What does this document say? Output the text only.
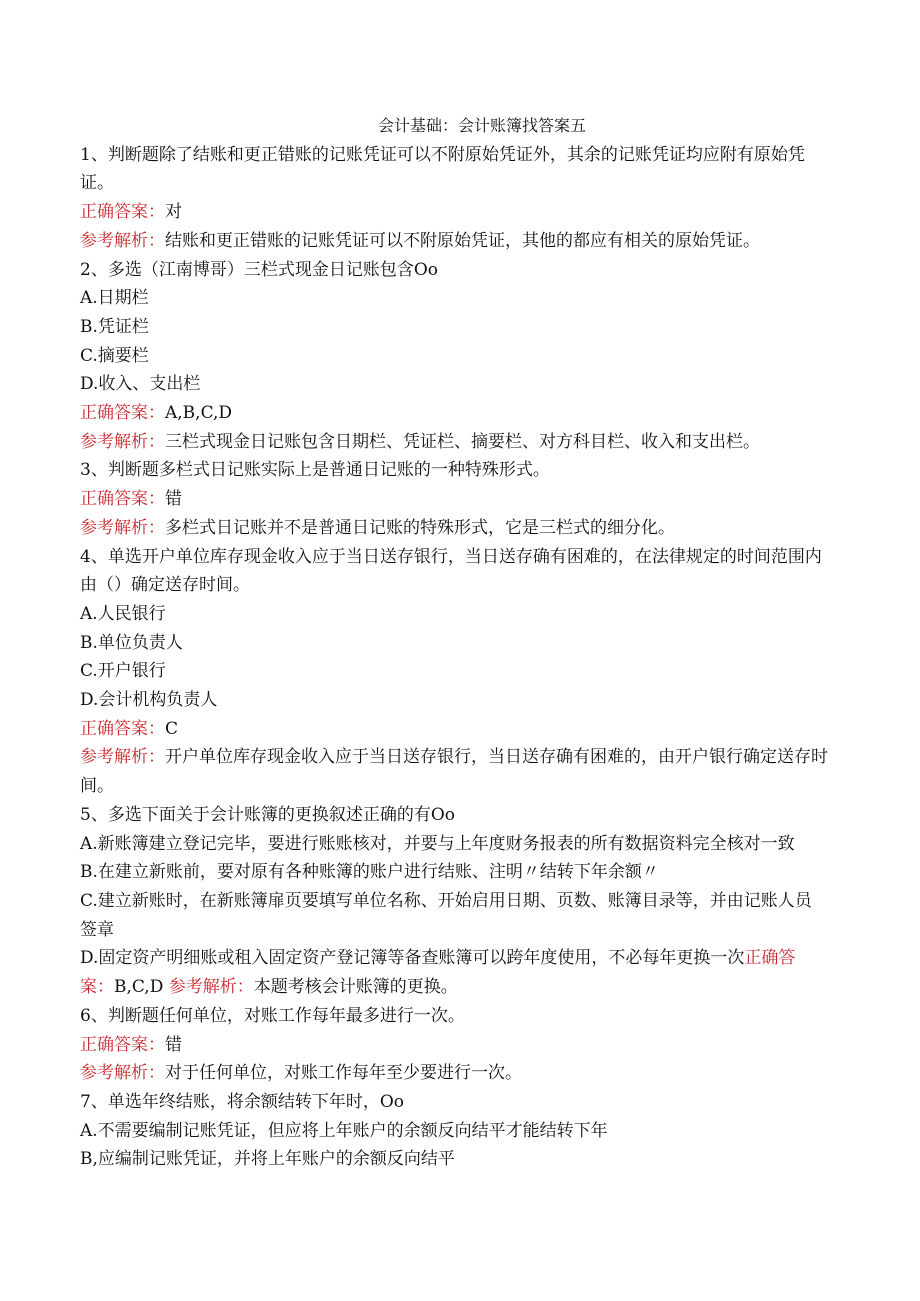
会计基础：会计账簿找答案五
1、判断题除了结账和更正错账的记账凭证可以不附原始凭证外，其余的记账凭证均应附有原始凭证。
正确答案：对
参考解析：结账和更正错账的记账凭证可以不附原始凭证，其他的都应有相关的原始凭证。
2、多选（江南博哥）三栏式现金日记账包含Oo
A.日期栏
B.凭证栏
C.摘要栏
D.收入、支出栏
正确答案：A,B,C,D
参考解析：三栏式现金日记账包含日期栏、凭证栏、摘要栏、对方科目栏、收入和支出栏。
3、判断题多栏式日记账实际上是普通日记账的一种特殊形式。
正确答案：错
参考解析：多栏式日记账并不是普通日记账的特殊形式，它是三栏式的细分化。
4、单选开户单位库存现金收入应于当日送存银行，当日送存确有困难的，在法律规定的时间范围内由（）确定送存时间。
A.人民银行
B.单位负责人
C.开户银行
D.会计机构负责人
正确答案：C
参考解析：开户单位库存现金收入应于当日送存银行，当日送存确有困难的，由开户银行确定送存时间。
5、多选下面关于会计账簿的更换叙述正确的有Oo
A.新账簿建立登记完毕，要进行账账核对，并要与上年度财务报表的所有数据资料完全核对一致
B.在建立新账前，要对原有各种账簿的账户进行结账、注明〃结转下年余额〃
C.建立新账时，在新账簿扉页要填写单位名称、开始启用日期、页数、账簿目录等，并由记账人员签章
D.固定资产明细账或租入固定资产登记簿等备查账簿可以跨年度使用，不必每年更换一次正确答案：B,C,D 参考解析：本题考核会计账簿的更换。
6、判断题任何单位，对账工作每年最多进行一次。
正确答案：错
参考解析：对于任何单位，对账工作每年至少要进行一次。
7、单选年终结账，将余额结转下年时，Oo
A.不需要编制记账凭证，但应将上年账户的余额反向结平才能结转下年
B,应编制记账凭证，并将上年账户的余额反向结平
